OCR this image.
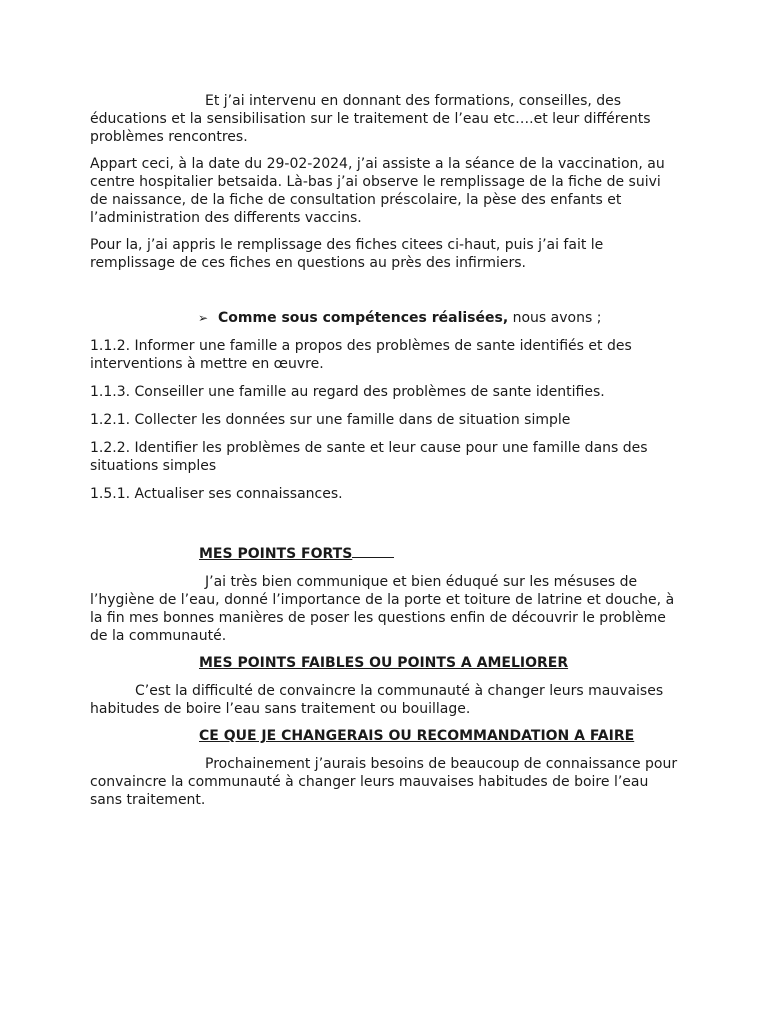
Et j’ai intervenu en donnant des formations, conseilles, des éducations et la sensibilisation sur le traitement de l’eau etc….et leur différents problèmes rencontres.

Appart ceci, à la date du 29-02-2024, j’ai assiste a la séance de la vaccination, au centre hospitalier betsaida. Là-bas j’ai observe le remplissage de la fiche de suivi de naissance, de la fiche de consultation préscolaire, la pèse des enfants et l’administration des differents vaccins.

Pour la, j’ai appris le remplissage des fiches citees ci-haut, puis j’ai fait le remplissage de ces fiches en questions au près des infirmiers.

➢ Comme sous compétences réalisées, nous avons ;

1.1.2. Informer une famille a propos des problèmes de sante identifiés et des interventions à mettre en œuvre.

1.1.3. Conseiller une famille au regard des problèmes de sante identifies.

1.2.1. Collecter les données sur une famille dans de situation simple

1.2.2. Identifier les problèmes de sante et leur cause pour une famille dans des situations simples

1.5.1. Actualiser ses connaissances.

MES POINTS FORTS

J’ai très bien communique et bien éduqué sur les mésuses de l’hygiène de l’eau, donné l’importance de la porte et toiture de latrine et douche, à la fin mes bonnes manières de poser les questions enfin de découvrir le problème de la communauté.

MES POINTS FAIBLES OU POINTS A AMELIORER

C’est la difficulté de convaincre la communauté à changer leurs mauvaises habitudes de boire l’eau sans traitement ou bouillage.

CE QUE JE CHANGERAIS OU RECOMMANDATION A FAIRE

Prochainement j’aurais besoins de beaucoup de connaissance pour convaincre la communauté à changer leurs mauvaises habitudes de boire l’eau sans traitement.
